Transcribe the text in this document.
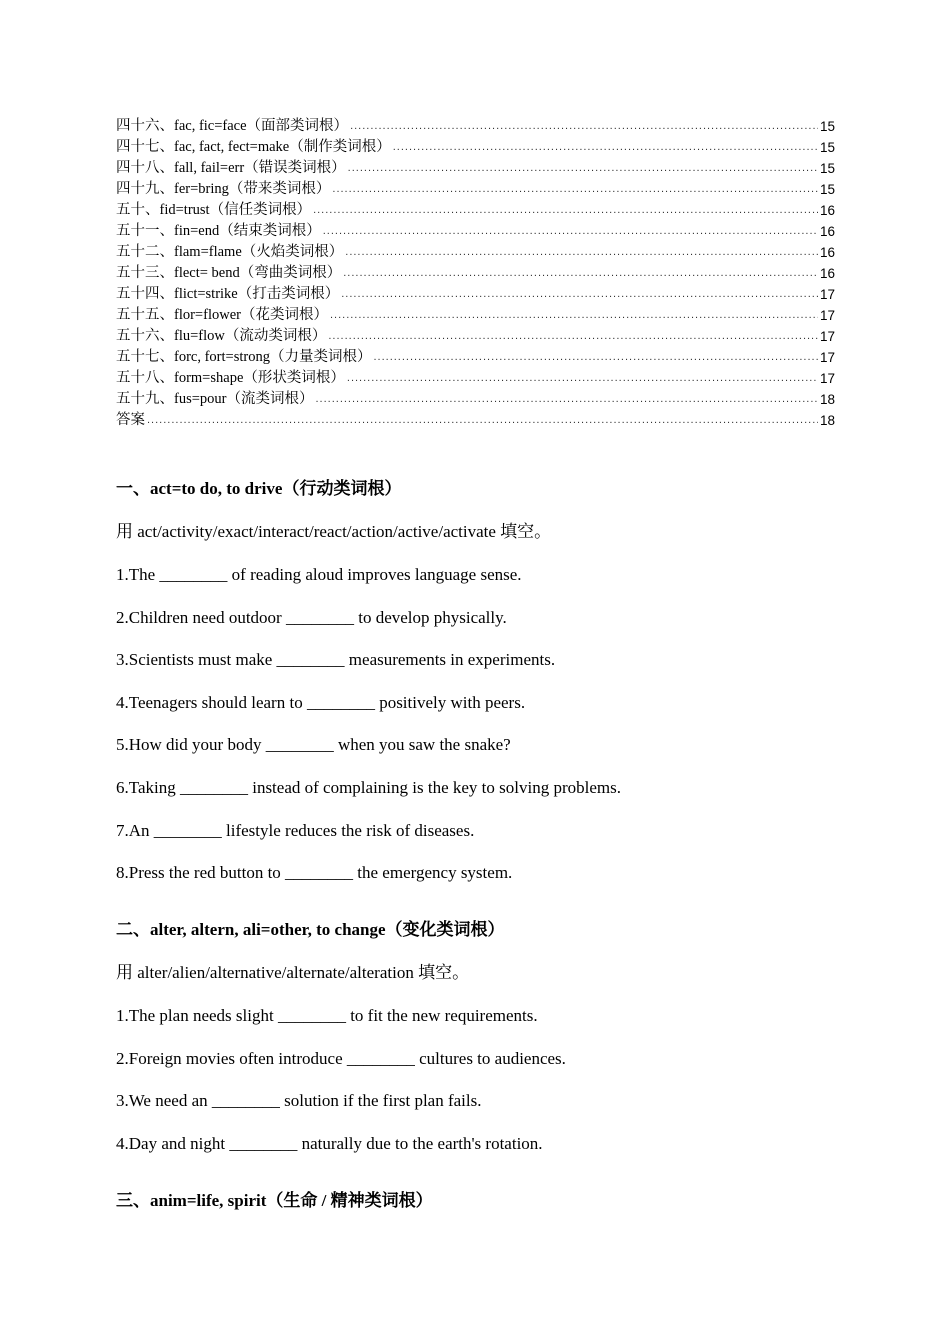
四十六、fac, fic=face（面部类词根） .....	15
四十七、fac, fact, fect=make（制作类词根） .....	15
四十八、fall, fail=err（错误类词根） .....	15
四十九、fer=bring（带来类词根） .....	15
五十、fid=trust（信任类词根） .....	16
五十一、fin=end（结束类词根） .....	16
五十二、flam=flame（火焰类词根） .....	16
五十三、flect= bend（弯曲类词根） .....	16
五十四、flict=strike（打击类词根） .....	17
五十五、flor=flower（花类词根） .....	17
五十六、flu=flow（流动类词根） .....	17
五十七、forc, fort=strong（力量类词根） .....	17
五十八、form=shape（形状类词根） .....	17
五十九、fus=pour（流类词根） .....	18
答案 .....	18
一、act=to do, to drive（行动类词根）
用 act/activity/exact/interact/react/action/active/activate 填空。
1.The ________ of reading aloud improves language sense.
2.Children need outdoor ________ to develop physically.
3.Scientists must make ________ measurements in experiments.
4.Teenagers should learn to ________ positively with peers.
5.How did your body ________ when you saw the snake?
6.Taking ________ instead of complaining is the key to solving problems.
7.An ________ lifestyle reduces the risk of diseases.
8.Press the red button to ________ the emergency system.
二、alter, altern, ali=other, to change（变化类词根）
用 alter/alien/alternative/alternate/alteration 填空。
1.The plan needs slight ________ to fit the new requirements.
2.Foreign movies often introduce ________ cultures to audiences.
3.We need an ________ solution if the first plan fails.
4.Day and night ________ naturally due to the earth's rotation.
三、anim=life, spirit（生命 / 精神类词根）
